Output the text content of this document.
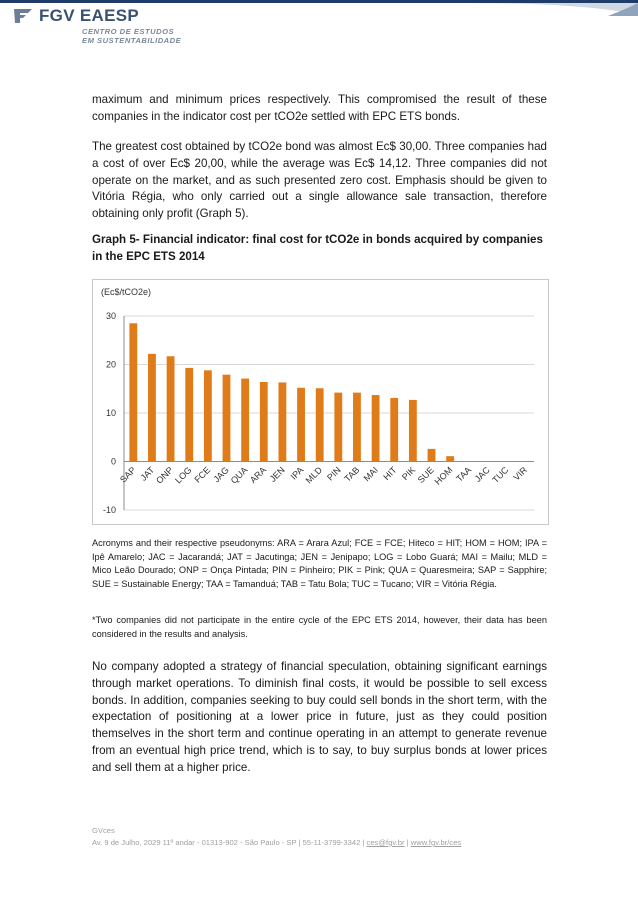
FGV EAESP
CENTRO DE ESTUDOS
EM SUSTENTABILIDADE

maximum and minimum prices respectively. This compromised the result of these companies in the indicator cost per tCO2e settled with EPC ETS bonds.

The greatest cost obtained by tCO2e bond was almost Ec$ 30,00. Three companies had a cost of over Ec$ 20,00, while the average was Ec$ 14,12. Three companies did not operate on the market, and as such presented zero cost. Emphasis should be given to Vitória Régia, who only carried out a single allowance sale transaction, therefore obtaining only profit (Graph 5).

Graph 5- Financial indicator: final cost for tCO2e in bonds acquired by companies in the EPC ETS 2014

(Ec$/tCO2e)
-10
0
10
20
30
SAP JAT
ONP
LOG
FCE JAG
QUA
ARA JEN IPA
MLD PIN TAB MAI HIT PIK
SUE
HOM TAA JAC
TUC VIR

Acronyms and their respective pseudonyms: ARA = Arara Azul; FCE = FCE; Hiteco = HIT; HOM = HOM; IPA = Ipê Amarelo; JAC = Jacarandá; JAT = Jacutinga; JEN = Jenipapo; LOG = Lobo Guará; MAI = Mailu; MLD = Mico Leão Dourado; ONP = Onça Pintada; PIN = Pinheiro; PIK = Pink; QUA = Quaresmeira; SAP = Sapphire; SUE = Sustainable Energy; TAA = Tamanduá; TAB = Tatu Bola; TUC = Tucano; VIR = Vitória Régia.

*Two companies did not participate in the entire cycle of the EPC ETS 2014, however, their data has been considered in the results and analysis.

No company adopted a strategy of financial speculation, obtaining significant earnings through market operations. To diminish final costs, it would be possible to sell excess bonds. In addition, companies seeking to buy could sell bonds in the short term, with the expectation of positioning at a lower price in future, just as they could position themselves in the short term and continue operating in an attempt to generate revenue from an eventual high price trend, which is to say, to buy surplus bonds at lower prices and sell them at a higher price.

GVces

Av. 9 de Julho, 2029 11º andar - 01313-902 - São Paulo - SP | 55-11-3799-3342 | ces@fgv.br | www.fgv.br/ces
